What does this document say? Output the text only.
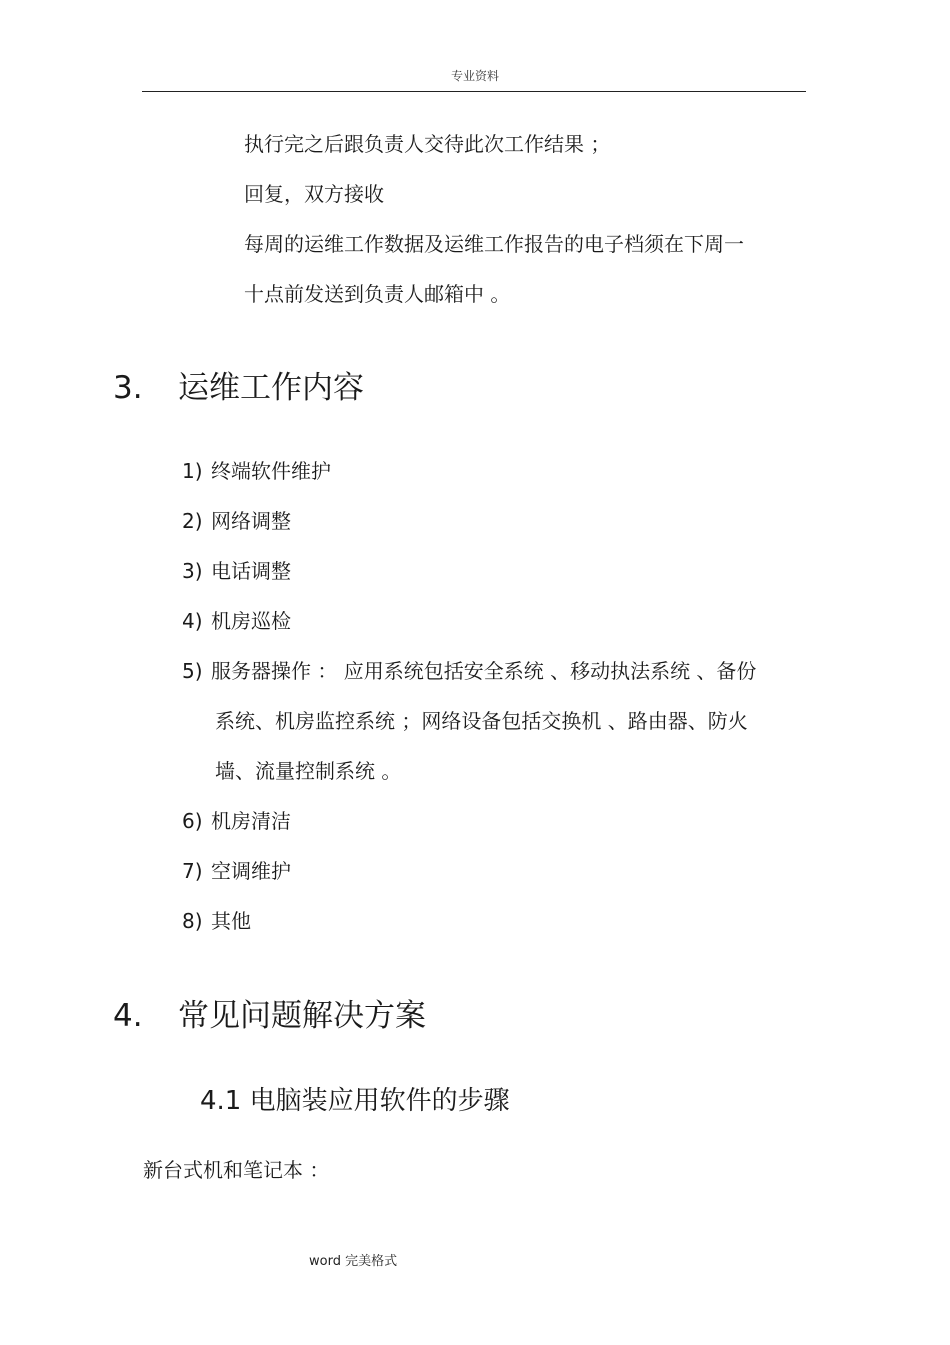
专业资料
执行完之后跟负责人交待此次工作结果 ；
回复，双方接收
每周的运维工作数据及运维工作报告的电子档须在下周一
十点前发送到负责人邮箱中 。
3. 运维工作内容
1) 终端软件维护
2) 网络调整
3) 电话调整
4) 机房巡检
5) 服务器操作 ： 应用系统包括安全系统 、移动执法系统 、备份
系统、机房监控系统 ；网络设备包括交换机 、路由器、防火
墙、流量控制系统 。
6) 机房清洁
7) 空调维护
8) 其他
4. 常见问题解决方案
4.1 电脑装应用软件的步骤
新台式机和笔记本 ：
word 完美格式
